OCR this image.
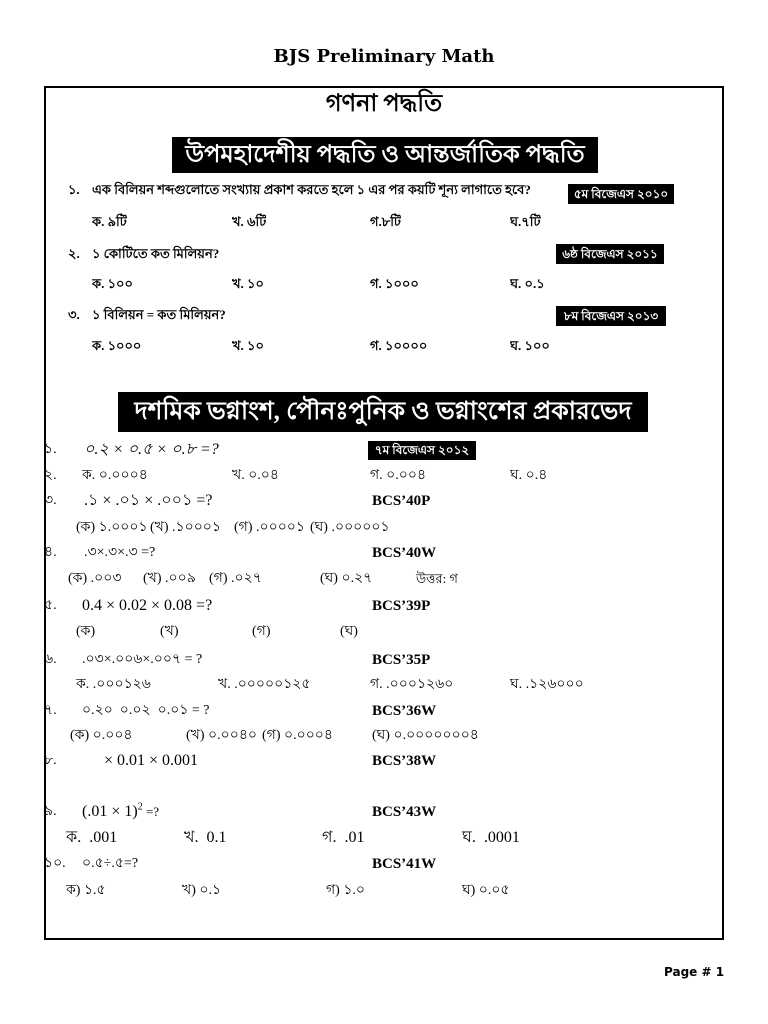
BJS Preliminary Math
গণনা পদ্ধতি
উপমহাদেশীয় পদ্ধতি ও আন্তর্জাতিক পদ্ধতি
১. এক বিলিয়ন শব্দগুলোতে সংখ্যায় প্রকাশ করতে হলে ১ এর পর কয়টি শূন্য লাগাতে হবে?	৫ম বিজেএস ২০১০
ক. ৯টি	খ. ৬টি	গ.৮টি	ঘ.৭টি
২. ১ কোটিতে কত মিলিয়ন?	৬ষ্ঠ বিজেএস ২০১১
ক. ১০০	খ. ১০	গ. ১০০০	ঘ. ০.১
৩. ১ বিলিয়ন = কত মিলিয়ন?	৮ম বিজেএস ২০১৩
ক. ১০০০	খ. ১০	গ. ১০০০০	ঘ. ১০০
দশমিক ভগ্নাংশ, পৌনঃপুনিক ও ভগ্নাংশের প্রকারভেদ
১. ০.২ × ০.৫ × ০.৮ =?	৭ম বিজেএস ২০১২
২. ক. ০.০০০৪	খ. ০.০৪	গ. ০.০০৪	ঘ. ০.৪
৩. .১ × .০১ × .০০১ =?	BCS’40P
(ক) ১.০০০১ (খ) .১০০০১ (গ) .০০০০১ (ঘ) .০০০০০১
৪. .৩×.৩×.৩ =?	BCS’40W
(ক) .০০৩ (খ) .০০৯ (গ) .০২৭	(ঘ) ০.২৭	উত্তর: গ
৫. 0.4 × 0.02 × 0.08 =?	BCS’39P
(ক)	(খ)	(গ)	(ঘ)
৬. .০৩×.০০৬×.০০৭ = ?	BCS’35P
ক. .০০০১২৬	খ. .০০০০০১২৫	গ. .০০০১২৬০	ঘ. .১২৬০০০
৭. ০.২০  ০.০২  ০.০১ = ?	BCS’36W
(ক) ০.০০৪	(খ) ০.০০৪০ (গ) ০.০০০৪	(ঘ) ০.০০০০০০০৪
৮.	× 0.01 × 0.001	BCS’38W
৯. $(.01 \times 1)^2$ =?	BCS’43W
ক.  .001	খ.  0.1	গ.  .01	ঘ.  .0001
১০. ০.৫÷.৫=?	BCS’41W
ক) ১.৫	খ) ০.১	গ) ১.০	ঘ) ০.০৫
Page # 1
